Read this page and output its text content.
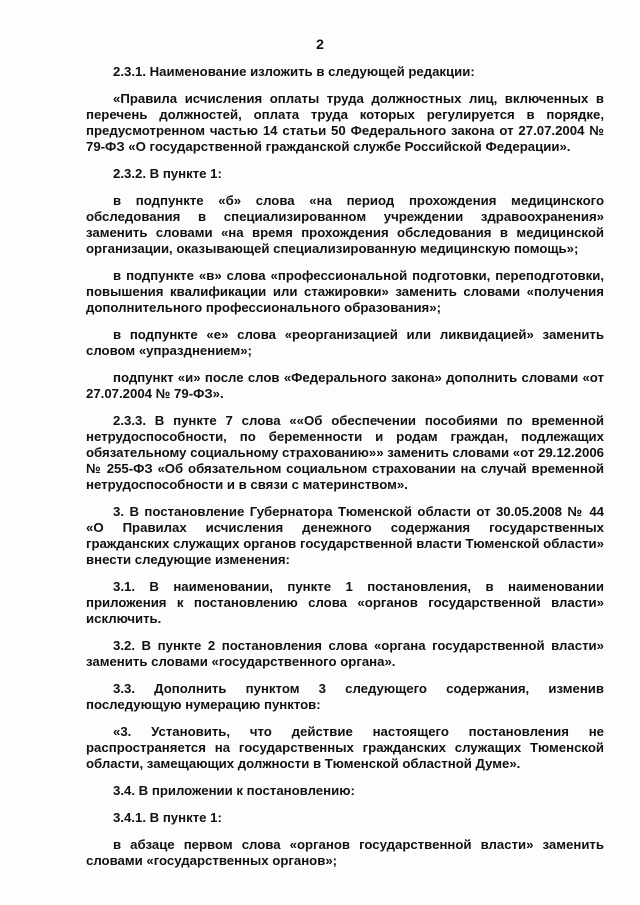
2

2.3.1. Наименование изложить в следующей редакции:

«Правила исчисления оплаты труда должностных лиц, включенных в перечень должностей, оплата труда которых регулируется в порядке, предусмотренном частью 14 статьи 50 Федерального закона от 27.07.2004 № 79-ФЗ «О государственной гражданской службе Российской Федерации».

2.3.2. В пункте 1:

в подпункте «б» слова «на период прохождения медицинского обследования в специализированном учреждении здравоохранения» заменить словами «на время прохождения обследования в медицинской организации, оказывающей специализированную медицинскую помощь»;

в подпункте «в» слова «профессиональной подготовки, переподготовки, повышения квалификации или стажировки» заменить словами «получения дополнительного профессионального образования»;

в подпункте «е» слова «реорганизацией или ликвидацией» заменить словом «упразднением»;

подпункт «и» после слов «Федерального закона» дополнить словами «от 27.07.2004 № 79-ФЗ».

2.3.3. В пункте 7 слова ««Об обеспечении пособиями по временной нетрудоспособности, по беременности и родам граждан, подлежащих обязательному социальному страхованию»» заменить словами «от 29.12.2006 № 255-ФЗ «Об обязательном социальном страховании на случай временной нетрудоспособности и в связи с материнством».

3. В постановление Губернатора Тюменской области от 30.05.2008 № 44 «О Правилах исчисления денежного содержания государственных гражданских служащих органов государственной власти Тюменской области» внести следующие изменения:

3.1. В наименовании, пункте 1 постановления, в наименовании приложения к постановлению слова «органов государственной власти» исключить.

3.2. В пункте 2 постановления слова «органа государственной власти» заменить словами «государственного органа».

3.3. Дополнить пунктом 3 следующего содержания, изменив последующую нумерацию пунктов:

«3. Установить, что действие настоящего постановления не распространяется на государственных гражданских служащих Тюменской области, замещающих должности в Тюменской областной Думе».

3.4. В приложении к постановлению:

3.4.1. В пункте 1:

в абзаце первом слова «органов государственной власти» заменить словами «государственных органов»;
